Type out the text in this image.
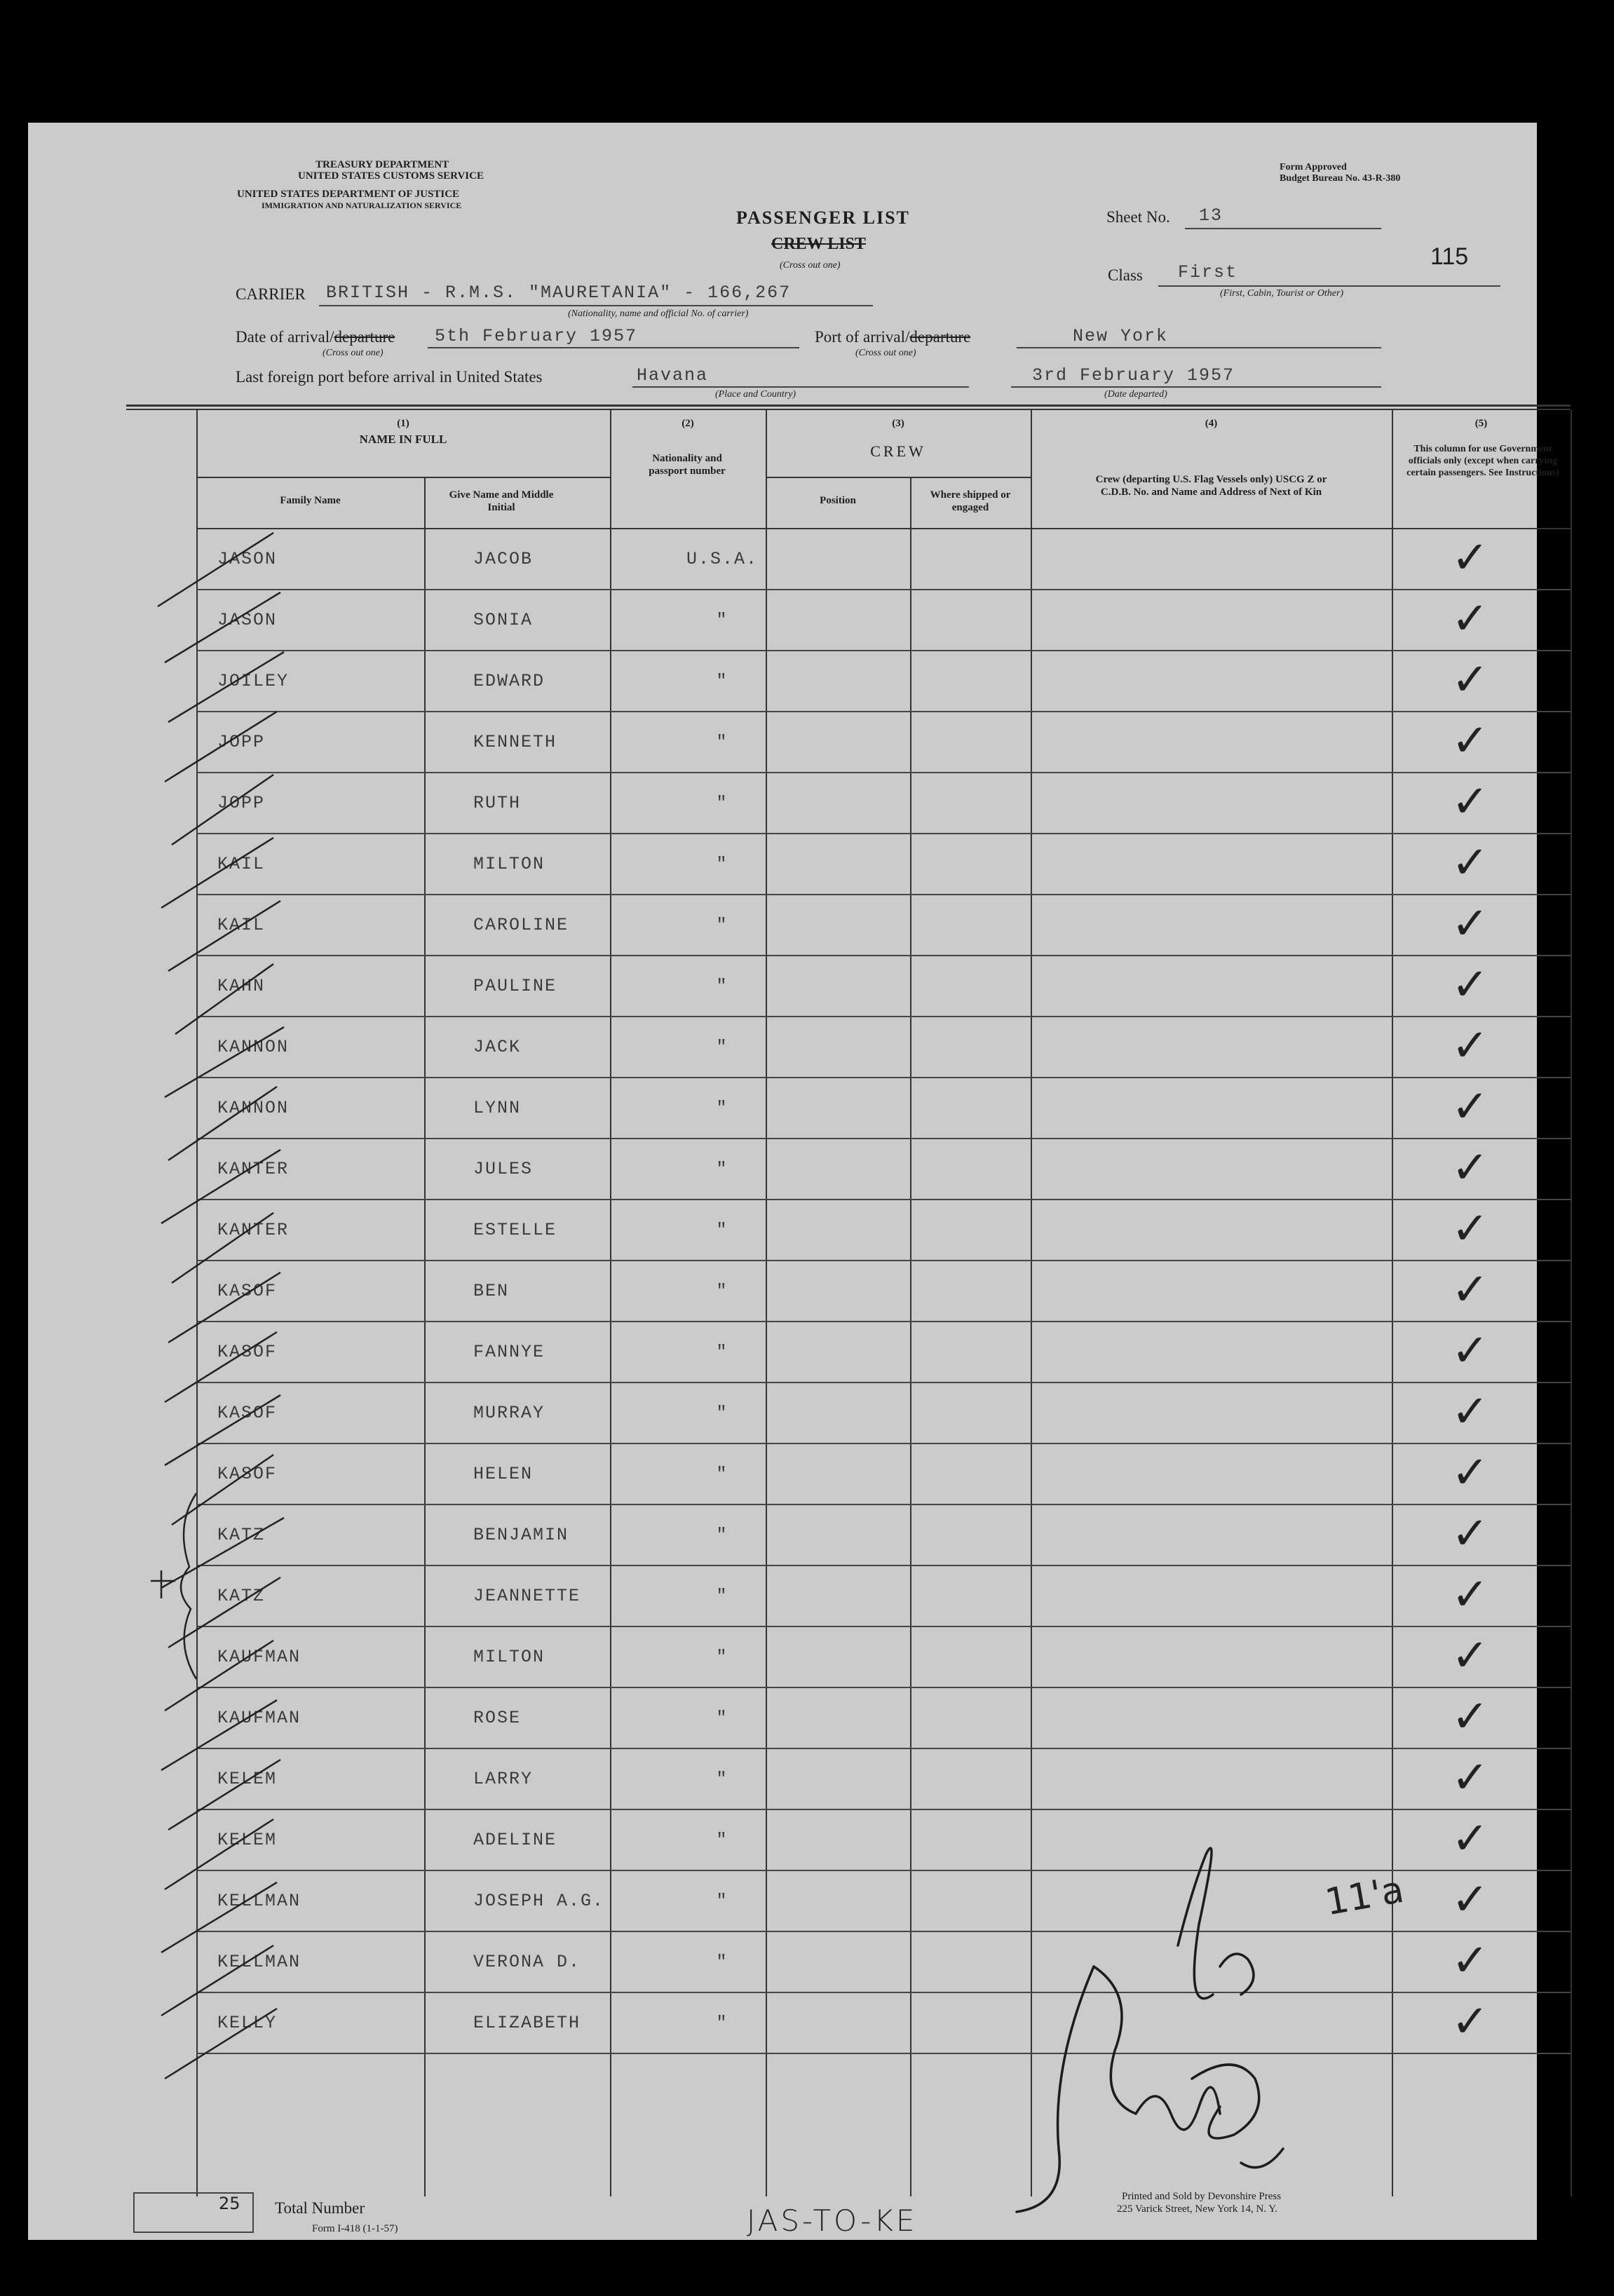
TREASURY DEPARTMENT
UNITED STATES CUSTOMS SERVICE
UNITED STATES DEPARTMENT OF JUSTICE
IMMIGRATION AND NATURALIZATION SERVICE
Form Approved
Budget Bureau No. 43-R-380
PASSENGER LIST
CREW LIST
(Cross out one)
Sheet No. 13
Class First
(First, Cabin, Tourist or Other)
115
CARRIER BRITISH - R.M.S. "MAURETANIA" - 166,267
(Nationality, name and official No. of carrier)
Date of arrival/departure
(Cross out one)
5th February 1957	Port of arrival/departure
(Cross out one)
New York
Last foreign port before arrival in United States	Havana
(Place and Country)
3rd February 1957
(Date departed)
(1)
NAME IN FULL
Family Name	Give Name and Middle Initial
(2)
Nationality and passport number
(3)
CREW
Position	Where shipped or engaged
(4)
Crew (departing U.S. Flag Vessels only) USCG Z or C.D.B. No. and Name and Address of Next of Kin
(5)
This column for use Government officials only (except when carrying certain passengers. See Instructions)
JASON	JACOB	U.S.A.	✓
JASON	SONIA	"	✓
JOILEY	EDWARD	"	✓
JOPP	KENNETH	"	✓
JOPP	RUTH	"	✓
KAIL	MILTON	"	✓
KAIL	CAROLINE	"	✓
KAHN	PAULINE	"	✓
KANNON	JACK	"	✓
KANNON	LYNN	"	✓
KANTER	JULES	"	✓
KANTER	ESTELLE	"	✓
KASOF	BEN	"	✓
KASOF	FANNYE	"	✓
KASOF	MURRAY	"	✓
KASOF	HELEN	"	✓
KATZ	BENJAMIN	"	✓
KATZ	JEANNETTE	"	✓
KAUFMAN	MILTON	"	✓
KAUFMAN	ROSE	"	✓
KELEM	LARRY	"	✓
KELEM	ADELINE	"	✓
KELLMAN	JOSEPH A.G.	"	✓
KELLMAN	VERONA D.	"	✓
KELLY	ELIZABETH	"	✓
25 Total Number
Form I-418 (1-1-57)	JAS-TO-KE
Printed and Sold by Devonshire Press
225 Varick Street, New York 14, N. Y.
11'a
